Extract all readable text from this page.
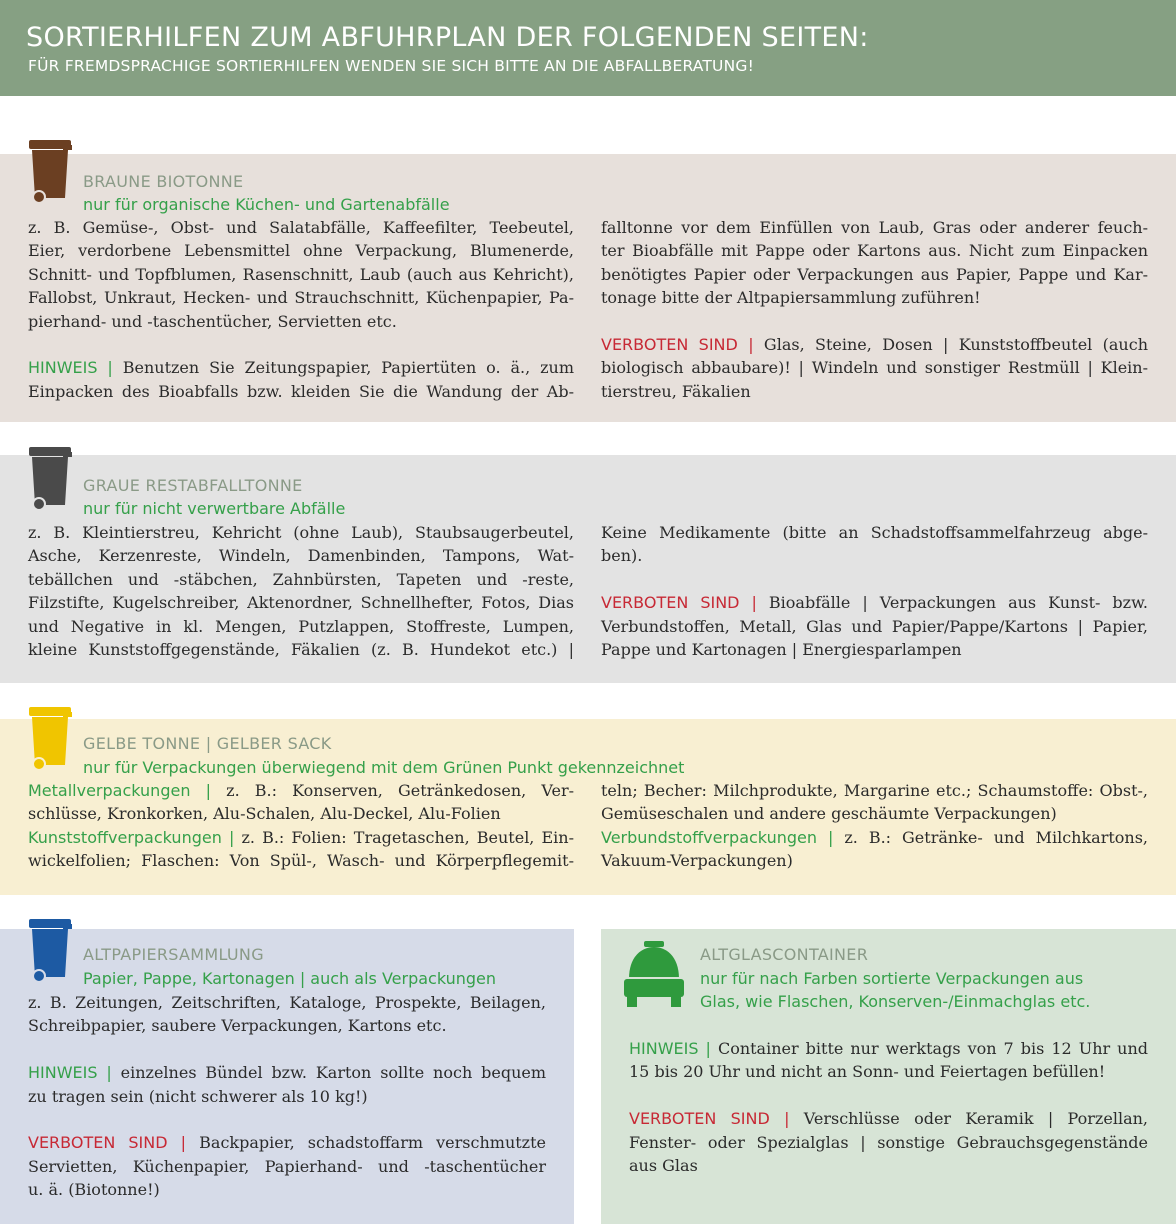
SORTIERHILFEN ZUM ABFUHRPLAN DER FOLGENDEN SEITEN:
FÜR FREMDSPRACHIGE SORTIERHILFEN WENDEN SIE SICH BITTE AN DIE ABFALLBERATUNG!
BRAUNE BIOTONNE
nur für organische Küchen- und Gartenabfälle
z. B. Gemüse-, Obst- und Salatabfälle, Kaffeefilter, Teebeutel,
Eier, verdorbene Lebensmittel ohne Verpackung, Blumenerde,
Schnitt- und Topfblumen, Rasenschnitt, Laub (auch aus Kehricht),
Fallobst, Unkraut, Hecken- und Strauchschnitt, Küchenpapier, Pa-
pierhand- und -taschentücher, Servietten etc.
HINWEIS | Benutzen Sie Zeitungspapier, Papiertüten o. ä., zum
Einpacken des Bioabfalls bzw. kleiden Sie die Wandung der Ab-
falltonne vor dem Einfüllen von Laub, Gras oder anderer feuch-
ter Bioabfälle mit Pappe oder Kartons aus. Nicht zum Einpacken
benötigtes Papier oder Verpackungen aus Papier, Pappe und Kar-
tonage bitte der Altpapiersammlung zuführen!
VERBOTEN SIND | Glas, Steine, Dosen | Kunststoffbeutel (auch
biologisch abbaubare)! | Windeln und sonstiger Restmüll | Klein-
tierstreu, Fäkalien
GRAUE RESTABFALLTONNE
nur für nicht verwertbare Abfälle
z. B. Kleintierstreu, Kehricht (ohne Laub), Staubsaugerbeutel,
Asche, Kerzenreste, Windeln, Damenbinden, Tampons, Wat-
tebällchen und -stäbchen, Zahnbürsten, Tapeten und -reste,
Filzstifte, Kugelschreiber, Aktenordner, Schnellhefter, Fotos, Dias
und Negative in kl. Mengen, Putzlappen, Stoffreste, Lumpen,
kleine Kunststoffgegenstände, Fäkalien (z. B. Hundekot etc.) |
Keine Medikamente (bitte an Schadstoffsammelfahrzeug abge-
ben).
VERBOTEN SIND | Bioabfälle | Verpackungen aus Kunst- bzw.
Verbundstoffen, Metall, Glas und Papier/Pappe/Kartons | Papier,
Pappe und Kartonagen | Energiesparlampen
GELBE TONNE | GELBER SACK
nur für Verpackungen überwiegend mit dem Grünen Punkt gekennzeichnet
Metallverpackungen | z. B.: Konserven, Getränkedosen, Ver-
schlüsse, Kronkorken, Alu-Schalen, Alu-Deckel, Alu-Folien
Kunststoffverpackungen | z. B.: Folien: Tragetaschen, Beutel, Ein-
wickelfolien; Flaschen: Von Spül-, Wasch- und Körperpflegemit-
teln; Becher: Milchprodukte, Margarine etc.; Schaumstoffe: Obst-,
Gemüseschalen und andere geschäumte Verpackungen)
Verbundstoffverpackungen | z. B.: Getränke- und Milchkartons,
Vakuum-Verpackungen)
ALTPAPIERSAMMLUNG
Papier, Pappe, Kartonagen | auch als Verpackungen
z. B. Zeitungen, Zeitschriften, Kataloge, Prospekte, Beilagen,
Schreibpapier, saubere Verpackungen, Kartons etc.
HINWEIS | einzelnes Bündel bzw. Karton sollte noch bequem
zu tragen sein (nicht schwerer als 10 kg!)
VERBOTEN SIND | Backpapier, schadstoffarm verschmutzte
Servietten, Küchenpapier, Papierhand- und -taschentücher
u. ä. (Biotonne!)
ALTGLASCONTAINER
nur für nach Farben sortierte Verpackungen aus
Glas, wie Flaschen, Konserven-/Einmachglas etc.
HINWEIS | Container bitte nur werktags von 7 bis 12 Uhr und
15 bis 20 Uhr und nicht an Sonn- und Feiertagen befüllen!
VERBOTEN SIND | Verschlüsse oder Keramik | Porzellan,
Fenster- oder Spezialglas | sonstige Gebrauchsgegenstände
aus Glas
